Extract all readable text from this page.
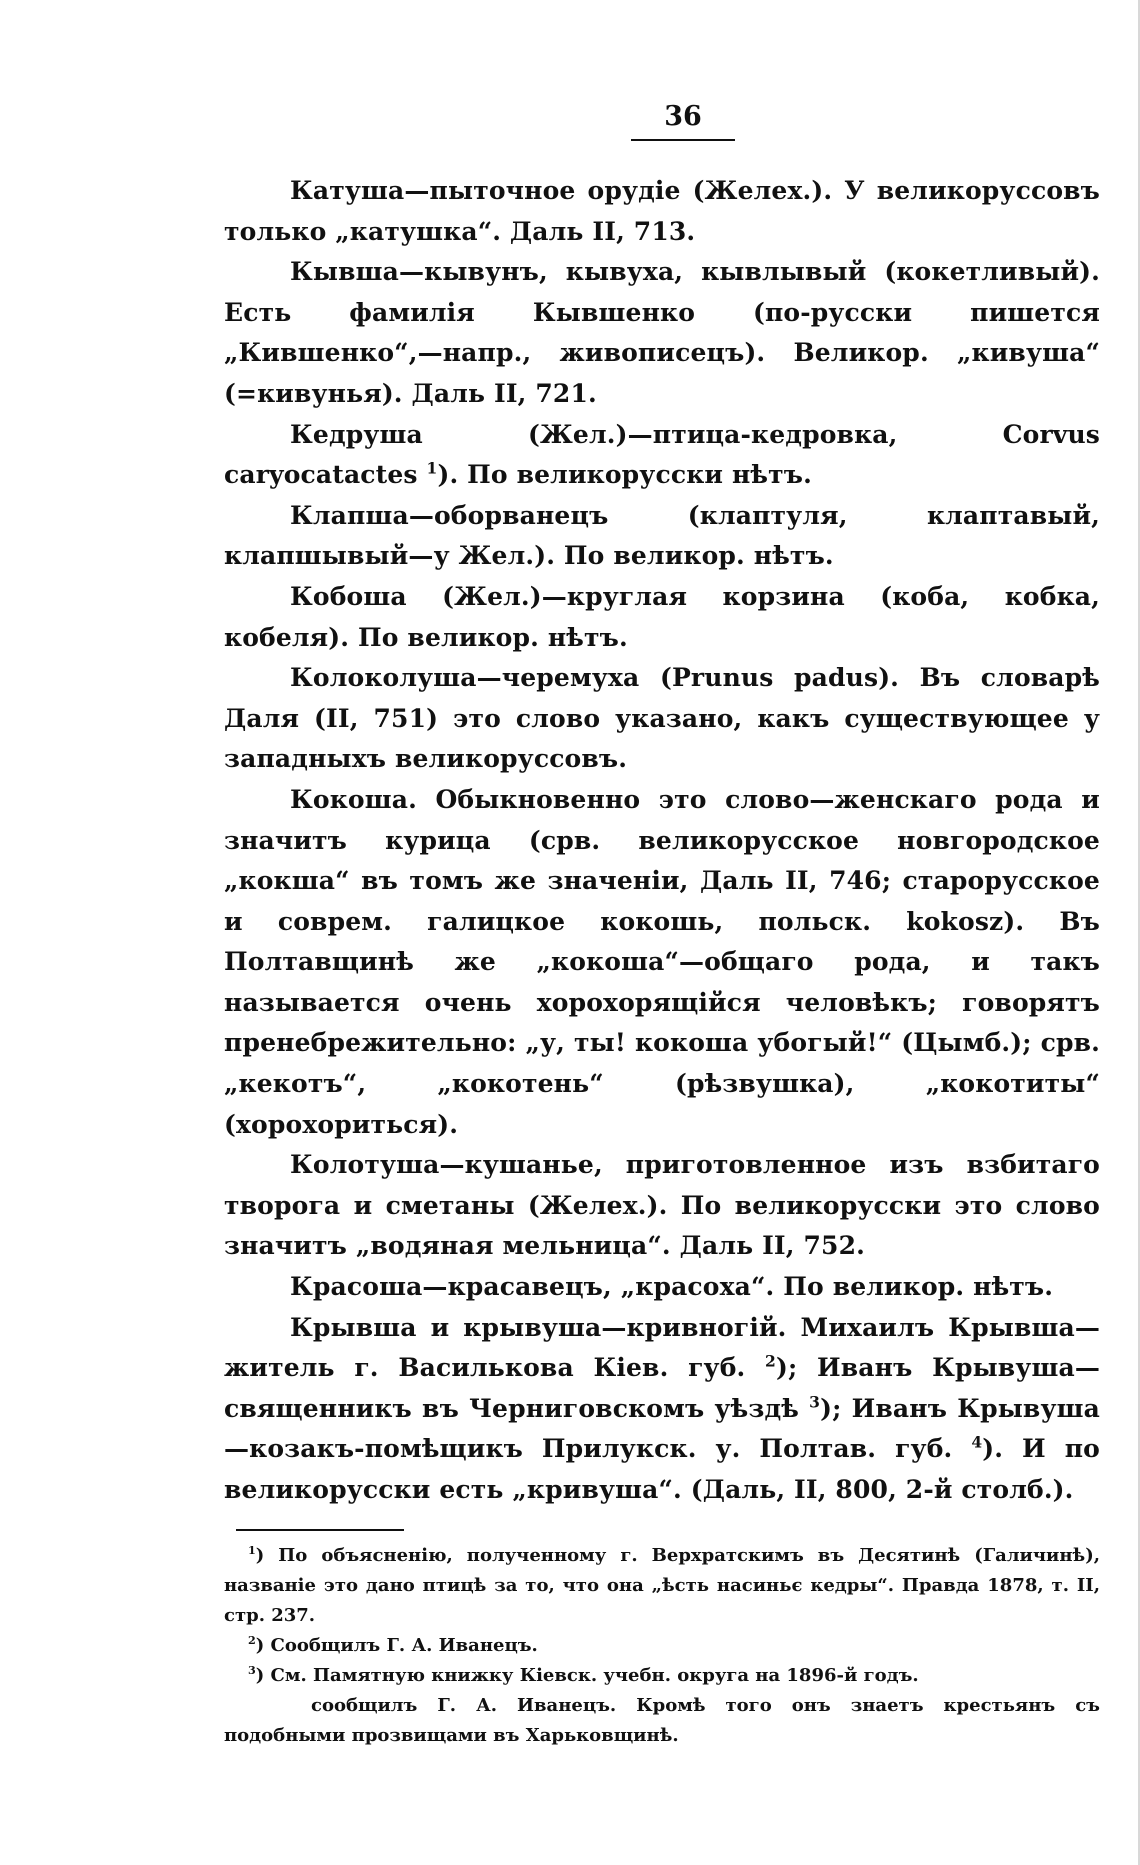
36

Катуша—пыточное орудіе (Желех.). У великоруссовъ только „катушка“. Даль II, 713.

Кывша—кывунъ, кывуха, кывлывый (кокетливый). Есть фамилія Кывшенко (по-русски пишется „Кившенко“,—напр., живописецъ). Великор. „кивуша“ (=кивунья). Даль II, 721.

Кедруша (Жел.)—птица-кедровка, Corvus caryocatactes $^1$). По великорусски нѣтъ.

Клапша—оборванецъ (клаптуля, клаптавый, клапшывый—у Жел.). По великор. нѣтъ.

Кобоша (Жел.)—круглая корзина (коба, кобка, кобеля). По великор. нѣтъ.

Колоколуша—черемуха (Prunus padus). Въ словарѣ Даля (II, 751) это слово указано, какъ существующее у западныхъ великоруссовъ.

Кокоша. Обыкновенно это слово—женскаго рода и значитъ курица (срв. великорусское новгородское „кокша“ въ томъ же значеніи, Даль II, 746; старорусское и соврем. галицкое кокошь, польск. kokosz). Въ Полтавщинѣ же „кокоша“—общаго рода, и такъ называется очень хорохорящійся человѣкъ; говорятъ пренебрежительно: „у, ты! кокоша убогый!“ (Цымб.); срв. „кекотъ“, „кокотень“ (рѣзвушка), „кокотиты“ (хорохориться).

Колотуша—кушанье, приготовленное изъ взбитаго творога и сметаны (Желех.). По великорусски это слово значитъ „водяная мельница“. Даль II, 752.

Красоша—красавецъ, „красоха“. По великор. нѣтъ.

Крывша и крывуша—кривногій. Михаилъ Крывша—житель г. Василькова Кіев. губ. $^2$); Иванъ Крывуша—священникъ въ Черниговскомъ уѣздѣ $^3$); Иванъ Крывуша—козакъ-помѣщикъ Прилукск. у. Полтав. губ. $^4$). И по великорусски есть „кривуша“. (Даль, II, 800, 2-й столб.).

$^1$) По объясненію, полученному г. Верхратскимъ въ Десятинѣ (Галичинѣ), названіе это дано птицѣ за то, что она „ѣсть насиньє кедры“. Правда 1878, т. II, стр. 237.

$^2$) Сообщилъ Г. А. Иванецъ.

$^3$) См. Памятную книжку Кіевск. учебн. округа на 1896-й годъ.

сообщилъ Г. А. Иванецъ. Кромѣ того онъ знаетъ крестьянъ съ подобными прозвищами въ Харьковщинѣ.
